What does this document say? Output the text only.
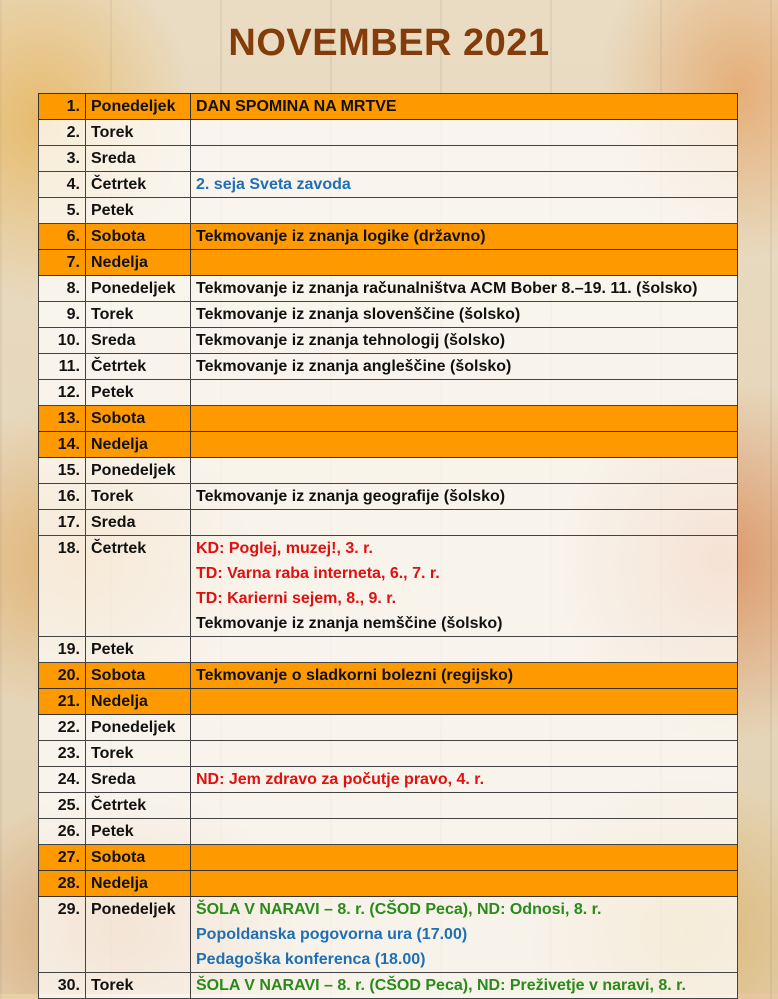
NOVEMBER 2021
1.	Ponedeljek	DAN SPOMINA NA MRTVE

2.	Torek	
3.	Sreda	
4.	Četrtek	2. seja Sveta zavoda

5.	Petek	
6.	Sobota	Tekmovanje iz znanja logike (državno)

7.	Nedelja	
8.	Ponedeljek	Tekmovanje iz znanja računalništva ACM Bober 8.–19. 11. (šolsko)

9.	Torek	Tekmovanje iz znanja slovenščine (šolsko)

10.	Sreda	Tekmovanje iz znanja tehnologij (šolsko)

11.	Četrtek	Tekmovanje iz znanja angleščine (šolsko)

12.	Petek	
13.	Sobota	
14.	Nedelja	
15.	Ponedeljek	
16.	Torek	Tekmovanje iz znanja geografije (šolsko)

17.	Sreda	
18.	Četrtek	KD: Poglej, muzej!, 3. r.
TD: Varna raba interneta, 6., 7. r.
TD: Karierni sejem, 8., 9. r.
Tekmovanje iz znanja nemščine (šolsko)

19.	Petek	
20.	Sobota	Tekmovanje o sladkorni bolezni (regijsko)

21.	Nedelja	
22.	Ponedeljek	
23.	Torek	
24.	Sreda	ND: Jem zdravo za počutje pravo, 4. r.

25.	Četrtek	
26.	Petek	
27.	Sobota	
28.	Nedelja	
29.	Ponedeljek	ŠOLA V NARAVI – 8. r. (CŠOD Peca), ND: Odnosi, 8. r.
Popoldanska pogovorna ura (17.00)
Pedagoška konferenca (18.00)

30.	Torek	ŠOLA V NARAVI – 8. r. (CŠOD Peca), ND: Preživetje v naravi, 8. r.
